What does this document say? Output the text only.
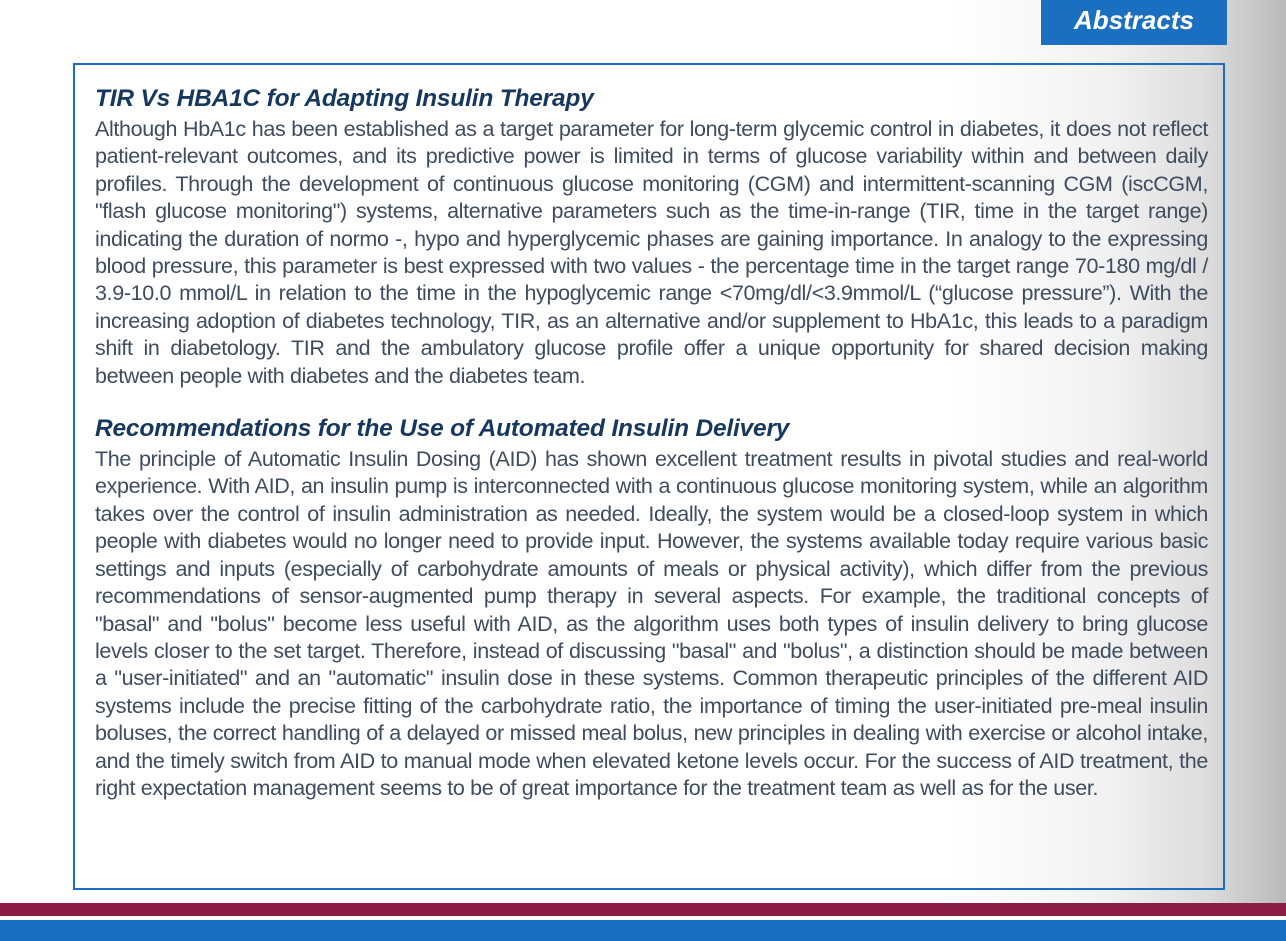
Abstracts
TIR Vs HBA1C for Adapting Insulin Therapy

Although HbA1c has been established as a target parameter for long-term glycemic control in diabetes, it does not reflect patient-relevant outcomes, and its predictive power is limited in terms of glucose variability within and between daily profiles. Through the development of continuous glucose monitoring (CGM) and intermittent-scanning CGM (iscCGM, "flash glucose monitoring") systems, alternative parameters such as the time-in-range (TIR, time in the target range) indicating the duration of normo -, hypo and hyperglycemic phases are gaining importance. In analogy to the expressing blood pressure, this parameter is best expressed with two values - the percentage time in the target range 70-180 mg/dl / 3.9-10.0 mmol/L in relation to the time in the hypoglycemic range <70mg/dl/<3.9mmol/L (“glucose pressure”). With the increasing adoption of diabetes technology, TIR, as an alternative and/or supplement to HbA1c, this leads to a paradigm shift in diabetology. TIR and the ambulatory glucose profile offer a unique opportunity for shared decision making between people with diabetes and the diabetes team.

Recommendations for the Use of Automated Insulin Delivery

The principle of Automatic Insulin Dosing (AID) has shown excellent treatment results in pivotal studies and real-world experience. With AID, an insulin pump is interconnected with a continuous glucose monitoring system, while an algorithm takes over the control of insulin administration as needed. Ideally, the system would be a closed-loop system in which people with diabetes would no longer need to provide input. However, the systems available today require various basic settings and inputs (especially of carbohydrate amounts of meals or physical activity), which differ from the previous recommendations of sensor-augmented pump therapy in several aspects. For example, the traditional concepts of "basal" and "bolus" become less useful with AID, as the algorithm uses both types of insulin delivery to bring glucose levels closer to the set target. Therefore, instead of discussing "basal" and "bolus", a distinction should be made between a "user-initiated" and an "automatic" insulin dose in these systems. Common therapeutic principles of the different AID systems include the precise fitting of the carbohydrate ratio, the importance of timing the user-initiated pre-meal insulin boluses, the correct handling of a delayed or missed meal bolus, new principles in dealing with exercise or alcohol intake, and the timely switch from AID to manual mode when elevated ketone levels occur. For the success of AID treatment, the right expectation management seems to be of great importance for the treatment team as well as for the user.
